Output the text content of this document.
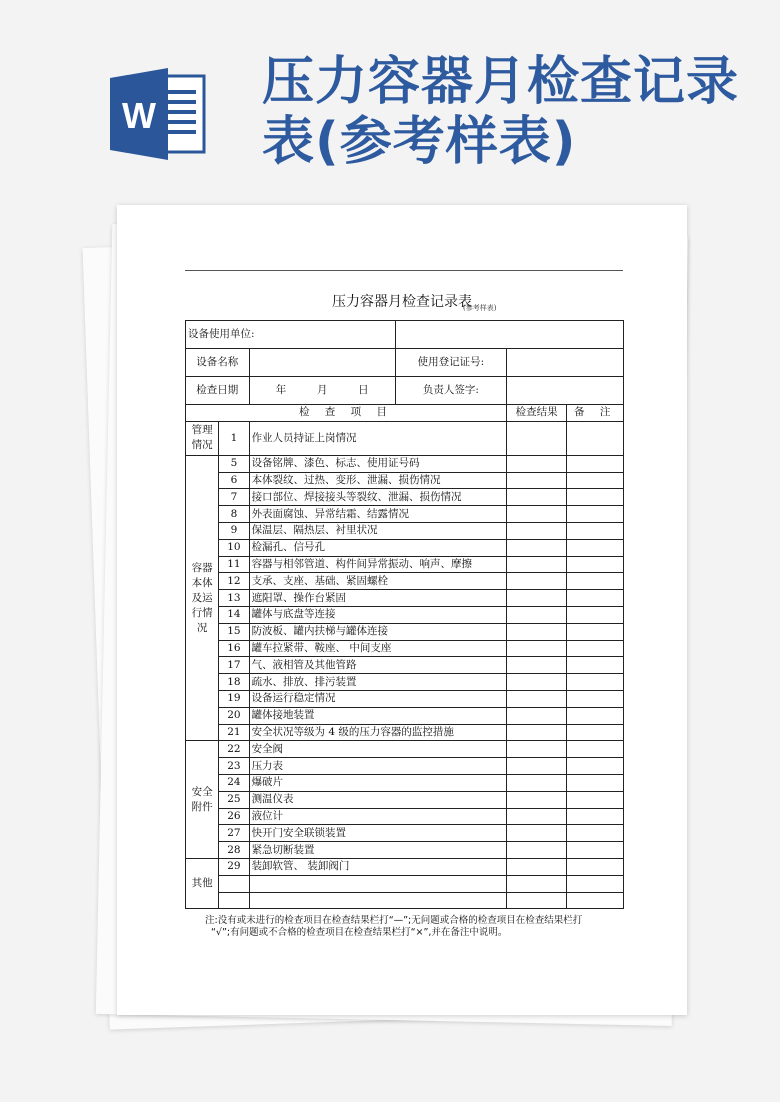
W
压力容器月检查记录表(参考样表)
压力容器月检查记录表
(参考样表)
设备使用单位:					
设备名称			使用登记证号:		
检查日期		年 月 日	负责人签字:		
检 查 项 目				检查结果	备 注
管理情况	1	作业人员持证上岗情况			
容器本体及运行情况	5	设备铭牌、漆色、标志、使用证号码			
	6	本体裂纹、过热、变形、泄漏、损伤情况			
	7	接口部位、焊接接头等裂纹、泄漏、损伤情况			
	8	外表面腐蚀、异常结霜、结露情况			
	9	保温层、隔热层、衬里状况			
	10	检漏孔、信号孔			
	11	容器与相邻管道、构件间异常振动、响声、摩擦			
	12	支承、支座、基础、紧固螺栓			
	13	遮阳罩、操作台紧固			
	14	罐体与底盘等连接			
	15	防波板、罐内扶梯与罐体连接			
	16	罐车拉紧带、鞍座、 中间支座			
	17	气、液相管及其他管路			
	18	疏水、排放、排污装置			
	19	设备运行稳定情况			
	20	罐体接地装置			
	21	安全状况等级为 4 级的压力容器的监控措施			
安全附件	22	安全阀			
	23	压力表			
	24	爆破片			
	25	测温仪表			
	26	液位计			
	27	快开门安全联锁装置			
	28	紧急切断装置			
其他	29	装卸软管、 装卸阀门			

注:没有或未进行的检查项目在检查结果栏打“—”;无问题或合格的检查项目在检查结果栏打
“√”;有问题或不合格的检查项目在检查结果栏打“×”,并在备注中说明。
